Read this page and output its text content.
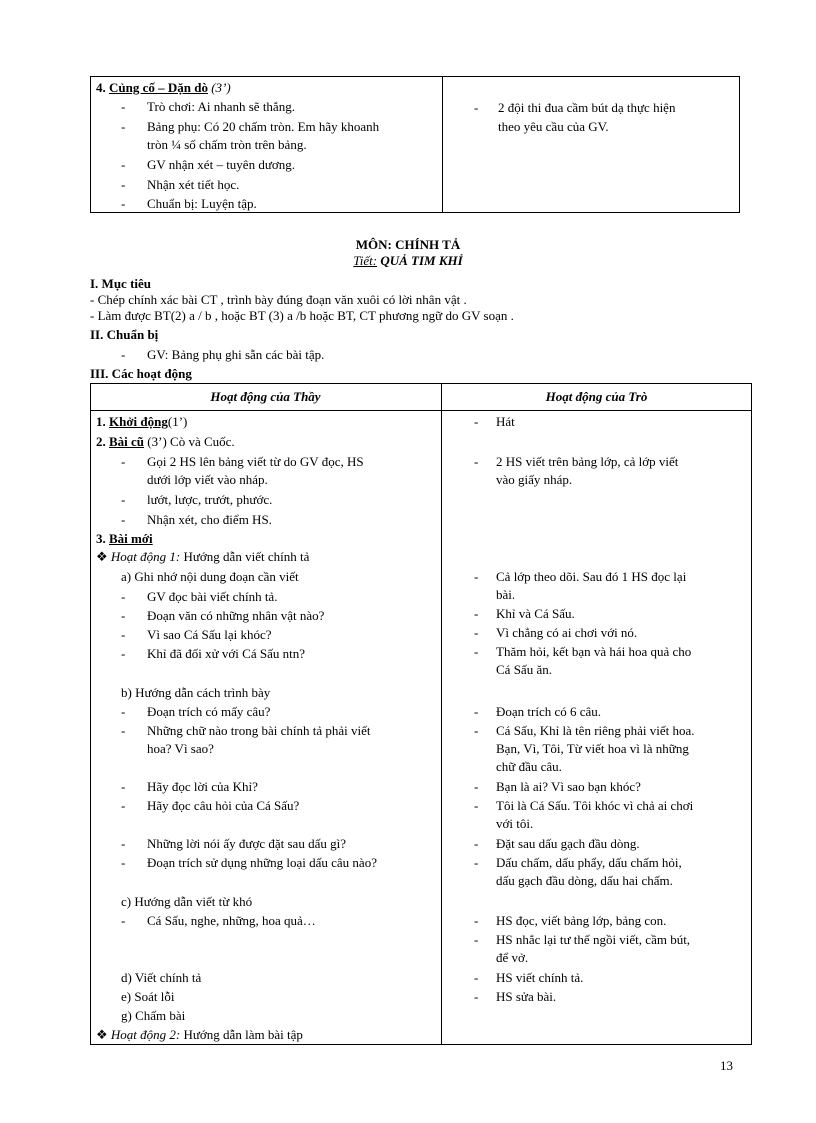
4. Củng cố – Dặn dò (3’)
- Trò chơi: Ai nhanh sẽ thắng.
- Bảng phụ: Có 20 chấm tròn. Em hãy khoanh
tròn ¼ số chấm tròn trên bảng.
- GV nhận xét – tuyên dương.
- Nhận xét tiết học.
- Chuẩn bị: Luyện tập.
- 2 đội thi đua cầm bút dạ thực hiện
theo yêu cầu của GV.
MÔN: CHÍNH TẢ
Tiết: QUẢ TIM KHỈ
I. Mục tiêu
- Chép chính xác bài CT , trình bày đúng đoạn văn xuôi có lời nhân vật .
- Làm được BT(2) a / b , hoặc BT (3) a /b hoặc BT, CT phương ngữ do GV soạn .
II. Chuẩn bị
- GV: Bảng phụ ghi sẵn các bài tập.
III. Các hoạt động
Hoạt động của Thầy	Hoạt động của Trò
1. Khởi động(1’)
2. Bài cũ (3’) Cò và Cuốc.
- Gọi 2 HS lên bảng viết từ do GV đọc, HS
dưới lớp viết vào nháp.
- lướt, lược, trướt, phước.
- Nhận xét, cho điểm HS.
3. Bài mới
❖ Hoạt động 1: Hướng dẫn viết chính tả
a) Ghi nhớ nội dung đoạn cần viết
- GV đọc bài viết chính tả.
- Đoạn văn có những nhân vật nào?
- Vì sao Cá Sấu lại khóc?
- Khỉ đã đối xử với Cá Sấu ntn?
b) Hướng dẫn cách trình bày
- Đoạn trích có mấy câu?
- Những chữ nào trong bài chính tả phải viết
hoa? Vì sao?
- Hãy đọc lời của Khỉ?
- Hãy đọc câu hỏi của Cá Sấu?
- Những lời nói ấy được đặt sau dấu gì?
- Đoạn trích sử dụng những loại dấu câu nào?
c) Hướng dẫn viết từ khó
- Cá Sấu, nghe, những, hoa quả…
d) Viết chính tả
e) Soát lỗi
g) Chấm bài
❖ Hoạt động 2: Hướng dẫn làm bài tập
- Hát
- 2 HS viết trên bảng lớp, cả lớp viết
vào giấy nháp.
- Cả lớp theo dõi. Sau đó 1 HS đọc lại
bài.
- Khỉ và Cá Sấu.
- Vì chẳng có ai chơi với nó.
- Thăm hỏi, kết bạn và hái hoa quả cho
Cá Sấu ăn.
- Đoạn trích có 6 câu.
- Cá Sấu, Khỉ là tên riêng phải viết hoa.
Bạn, Vì, Tôi, Từ viết hoa vì là những
chữ đầu câu.
- Bạn là ai? Vì sao bạn khóc?
- Tôi là Cá Sấu. Tôi khóc vì chả ai chơi
với tôi.
- Đặt sau dấu gạch đầu dòng.
- Dấu chấm, dấu phẩy, dấu chấm hỏi,
dấu gạch đầu dòng, dấu hai chấm.
- HS đọc, viết bảng lớp, bảng con.
- HS nhắc lại tư thế ngồi viết, cầm bút,
để vở.
- HS viết chính tả.
- HS sửa bài.
13
